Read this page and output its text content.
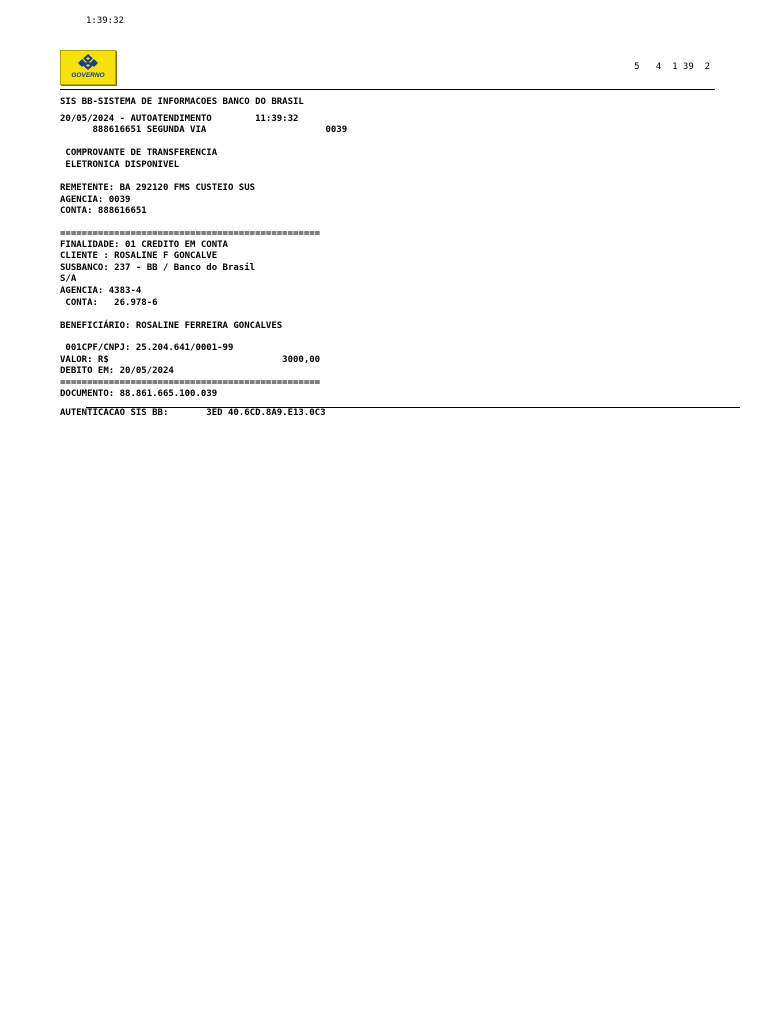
1:39:32
GOVERNO
5   4  1 39  2
SIS BB-SISTEMA DE INFORMACOES BANCO DO BRASIL
20/05/2024 - AUTOATENDIMENTO        11:39:32
888616651 SEGUNDA VIA                      0039
COMPROVANTE DE TRANSFERENCIA
ELETRONICA DISPONIVEL
REMETENTE: BA 292120 FMS CUSTEIO SUS
AGENCIA: 0039
CONTA: 888616651
================================================
FINALIDADE: 01 CREDITO EM CONTA
CLIENTE : ROSALINE F GONCALVE
SUSBANCO: 237 - BB / Banco do Brasil
S/A
AGENCIA: 4383-4
CONTA:   26.978-6
BENEFICIÁRIO: ROSALINE FERREIRA GONCALVES
001CPF/CNPJ: 25.204.641/0001-99
VALOR: R$                                3000,00
DEBITO EM: 20/05/2024
================================================
DOCUMENTO: 88.861.665.100.039
AUTENTICACAO SIS BB:       3ED 40.6CD.8A9.E13.0C3
